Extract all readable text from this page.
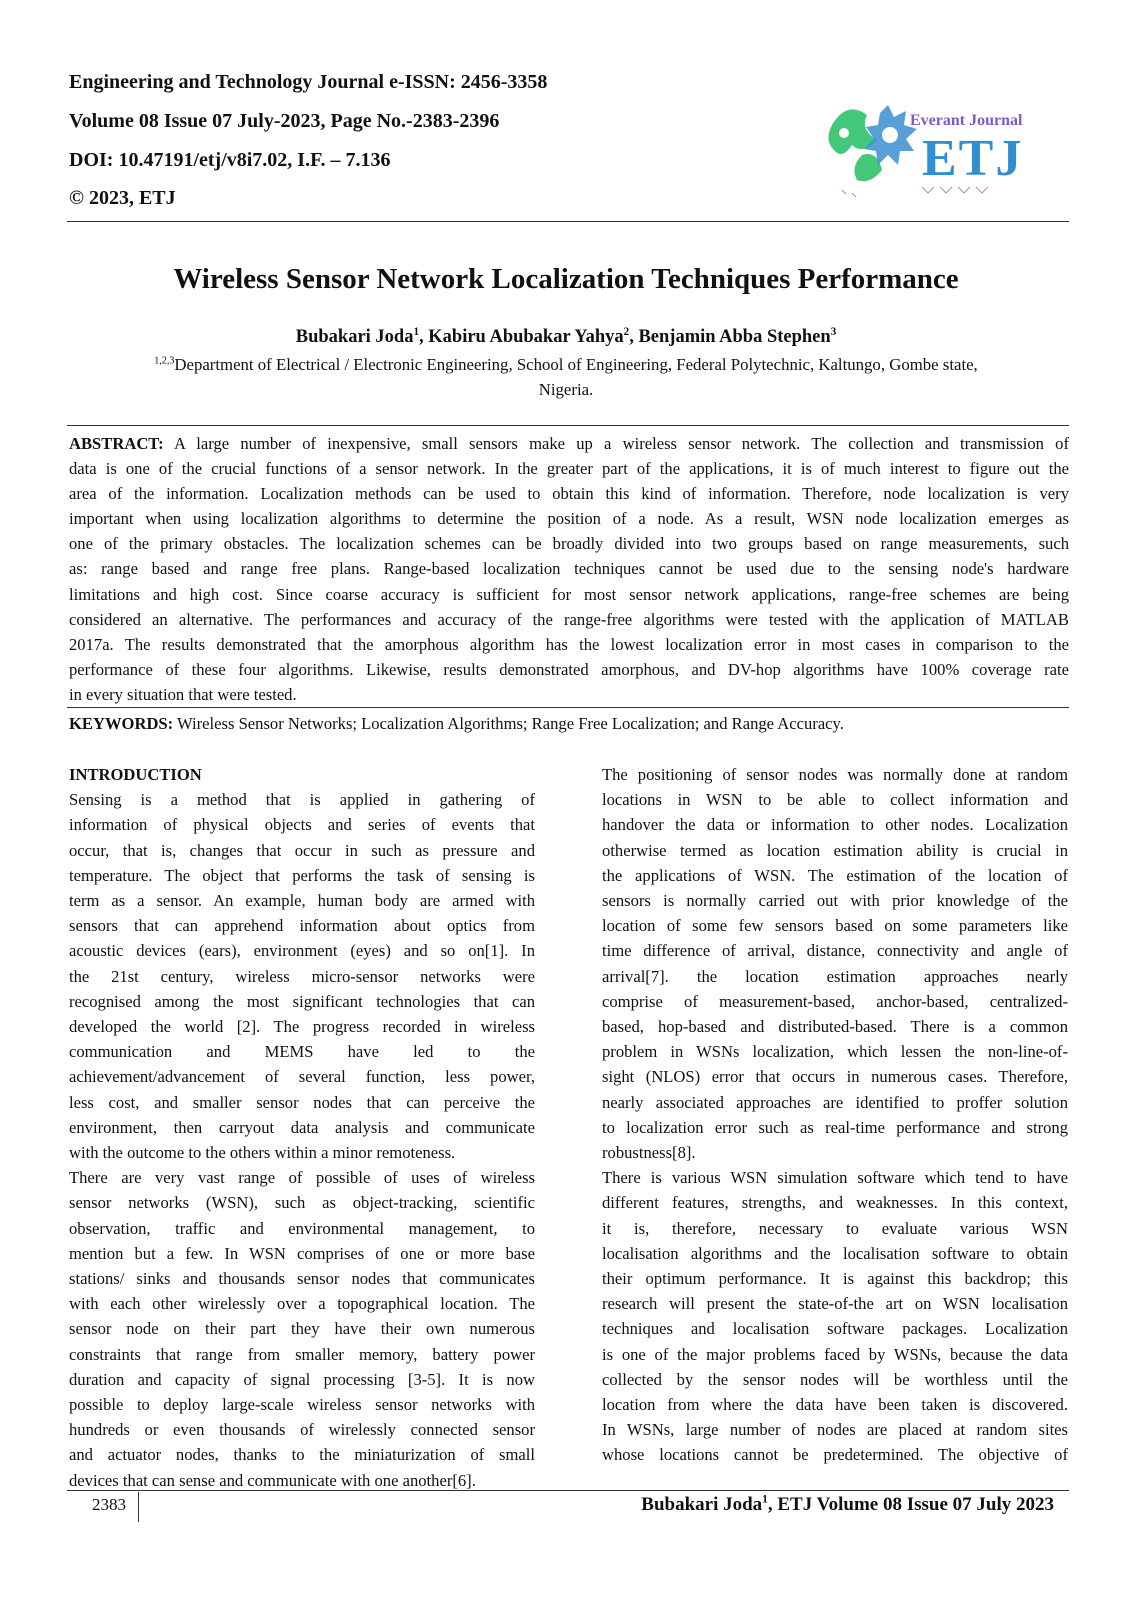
Engineering and Technology Journal e-ISSN: 2456-3358
Volume 08 Issue 07 July-2023, Page No.-2383-2396
DOI: 10.47191/etj/v8i7.02, I.F. – 7.136
© 2023, ETJ
Everant Journal
ETJ
Wireless Sensor Network Localization Techniques Performance

Bubakari Joda$^1$, Kabiru Abubakar Yahya$^2$, Benjamin Abba Stephen$^3$

$^{1,2,3}$Department of Electrical / Electronic Engineering, School of Engineering, Federal Polytechnic, Kaltungo, Gombe state,

Nigeria.

ABSTRACT: A large number of inexpensive, small sensors make up a wireless sensor network. The collection and transmission of

data is one of the crucial functions of a sensor network. In the greater part of the applications, it is of much interest to figure out the

area of the information. Localization methods can be used to obtain this kind of information. Therefore, node localization is very

important when using localization algorithms to determine the position of a node. As a result, WSN node localization emerges as

one of the primary obstacles. The localization schemes can be broadly divided into two groups based on range measurements, such

as: range based and range free plans. Range-based localization techniques cannot be used due to the sensing node's hardware

limitations and high cost. Since coarse accuracy is sufficient for most sensor network applications, range-free schemes are being

considered an alternative. The performances and accuracy of the range-free algorithms were tested with the application of MATLAB

2017a. The results demonstrated that the amorphous algorithm has the lowest localization error in most cases in comparison to the

performance of these four algorithms. Likewise, results demonstrated amorphous, and DV-hop algorithms have 100% coverage rate

in every situation that were tested.

KEYWORDS: Wireless Sensor Networks; Localization Algorithms; Range Free Localization; and Range Accuracy.

INTRODUCTION

Sensing is a method that is applied in gathering of

information of physical objects and series of events that

occur, that is, changes that occur in such as pressure and

temperature. The object that performs the task of sensing is

term as a sensor. An example, human body are armed with

sensors that can apprehend information about optics from

acoustic devices (ears), environment (eyes) and so on[1]. In

the 21st century, wireless micro-sensor networks were

recognised among the most significant technologies that can

developed the world [2]. The progress recorded in wireless

communication and MEMS have led to the

achievement/advancement of several function, less power,

less cost, and smaller sensor nodes that can perceive the

environment, then carryout data analysis and communicate

with the outcome to the others within a minor remoteness.

There are very vast range of possible of uses of wireless

sensor networks (WSN), such as object-tracking, scientific

observation, traffic and environmental management, to

mention but a few. In WSN comprises of one or more base

stations/ sinks and thousands sensor nodes that communicates

with each other wirelessly over a topographical location. The

sensor node on their part they have their own numerous

constraints that range from smaller memory, battery power

duration and capacity of signal processing [3-5]. It is now

possible to deploy large-scale wireless sensor networks with

hundreds or even thousands of wirelessly connected sensor

and actuator nodes, thanks to the miniaturization of small

devices that can sense and communicate with one another[6].

The positioning of sensor nodes was normally done at random

locations in WSN to be able to collect information and

handover the data or information to other nodes. Localization

otherwise termed as location estimation ability is crucial in

the applications of WSN. The estimation of the location of

sensors is normally carried out with prior knowledge of the

location of some few sensors based on some parameters like

time difference of arrival, distance, connectivity and angle of

arrival[7]. the location estimation approaches nearly

comprise of measurement-based, anchor-based, centralized-

based, hop-based and distributed-based. There is a common

problem in WSNs localization, which lessen the non-line-of-

sight (NLOS) error that occurs in numerous cases. Therefore,

nearly associated approaches are identified to proffer solution

to localization error such as real-time performance and strong

robustness[8].

There is various WSN simulation software which tend to have

different features, strengths, and weaknesses. In this context,

it is, therefore, necessary to evaluate various WSN

localisation algorithms and the localisation software to obtain

their optimum performance. It is against this backdrop; this

research will present the state-of-the art on WSN localisation

techniques and localisation software packages. Localization

is one of the major problems faced by WSNs, because the data

collected by the sensor nodes will be worthless until the

location from where the data have been taken is discovered.

In WSNs, large number of nodes are placed at random sites

whose locations cannot be predetermined. The objective of

2383	Bubakari Joda$^1$, ETJ Volume 08 Issue 07 July 2023
